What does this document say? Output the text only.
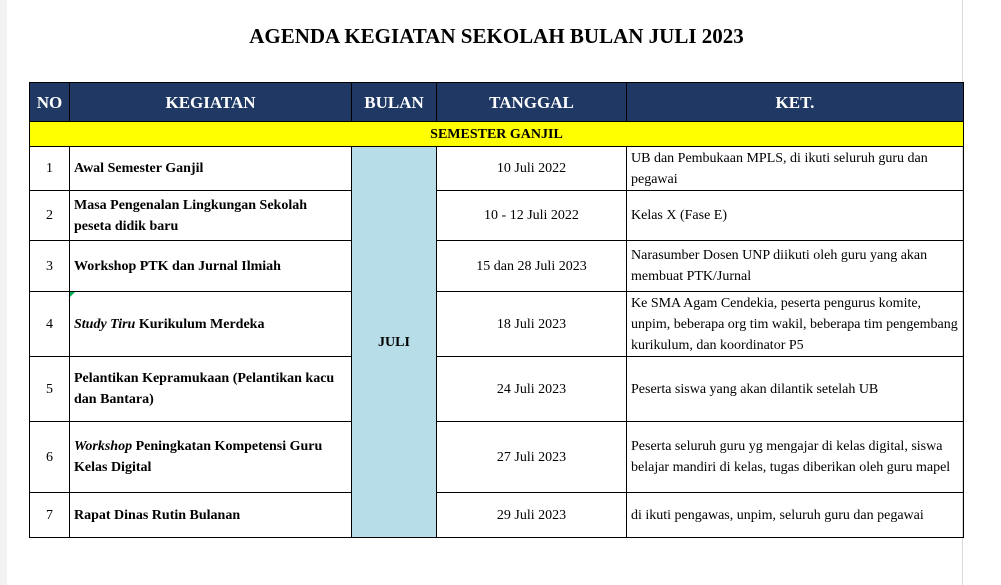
AGENDA KEGIATAN SEKOLAH BULAN JULI 2023
NO	KEGIATAN	BULAN	TANGGAL	KET.
SEMESTER GANJIL				
1	Awal Semester Ganjil	JULI	10 Juli 2022	UB dan Pembukaan MPLS, di ikuti seluruh guru dan pegawai
2	Masa Pengenalan Lingkungan Sekolah peseta didik baru		10 - 12 Juli 2022	Kelas X (Fase E)
3	Workshop PTK dan Jurnal Ilmiah		15 dan 28 Juli 2023	Narasumber Dosen UNP diikuti oleh guru yang akan membuat PTK/Jurnal
4	Study Tiru Kurikulum Merdeka		18 Juli 2023	Ke SMA Agam Cendekia, peserta pengurus komite, unpim, beberapa org tim wakil, beberapa tim pengembang kurikulum, dan koordinator P5
5	Pelantikan Kepramukaan (Pelantikan kacu dan Bantara)		24 Juli 2023	Peserta siswa yang akan dilantik setelah UB
6	Workshop Peningkatan Kompetensi Guru Kelas Digital		27 Juli 2023	Peserta seluruh guru yg mengajar di kelas digital, siswa belajar mandiri di kelas, tugas diberikan oleh guru mapel
7	Rapat Dinas Rutin Bulanan		29 Juli 2023	di ikuti pengawas, unpim, seluruh guru dan pegawai
